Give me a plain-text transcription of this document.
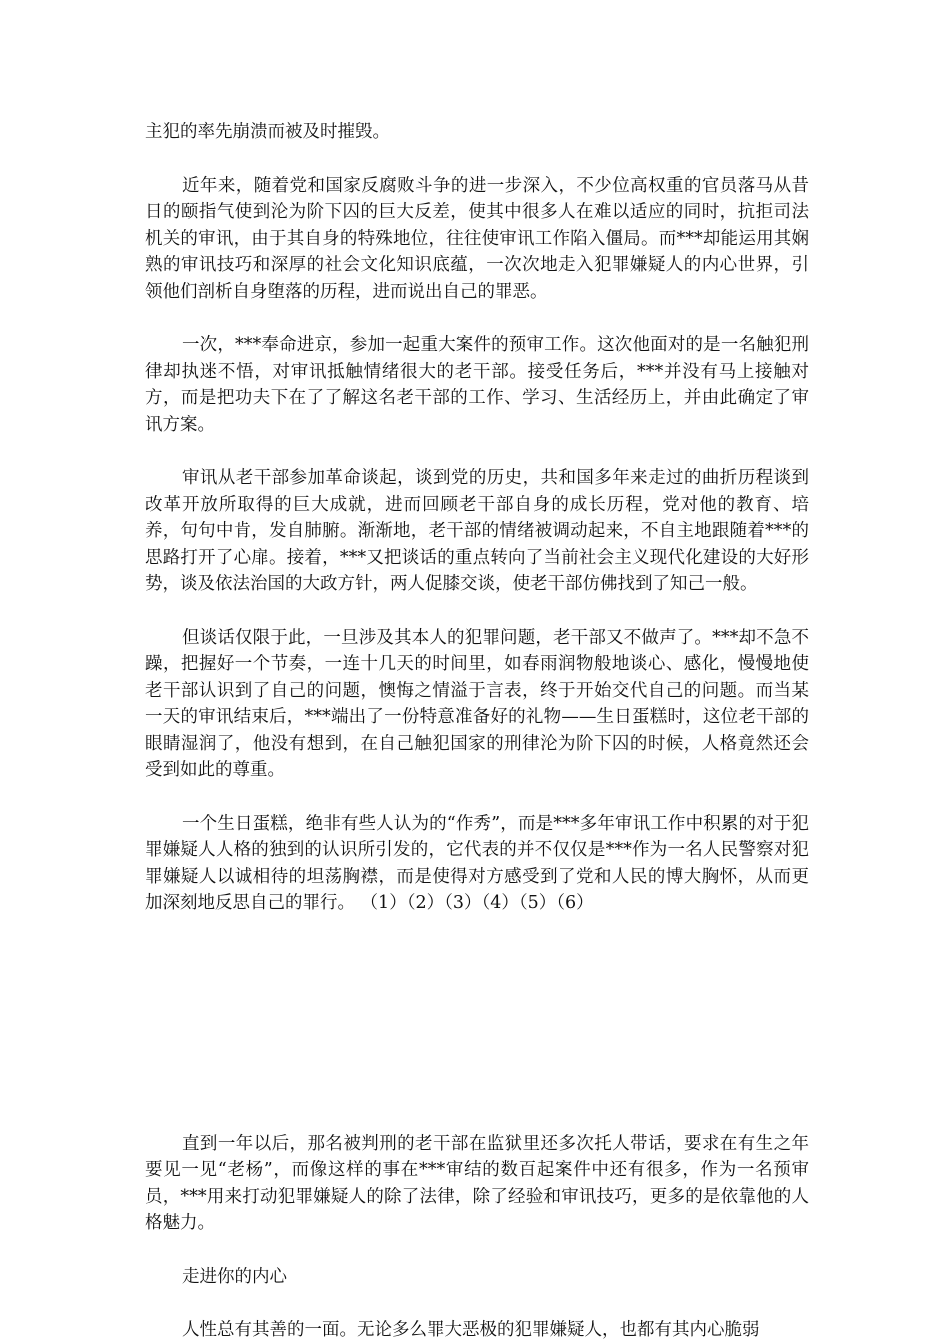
主犯的率先崩溃而被及时摧毁。

近年来，随着党和国家反腐败斗争的进一步深入，不少位高权重的官员落马从昔日的颐指气使到沦为阶下囚的巨大反差，使其中很多人在难以适应的同时，抗拒司法机关的审讯，由于其自身的特殊地位，往往使审讯工作陷入僵局。而***却能运用其娴熟的审讯技巧和深厚的社会文化知识底蕴，一次次地走入犯罪嫌疑人的内心世界，引领他们剖析自身堕落的历程，进而说出自己的罪恶。

一次，***奉命进京，参加一起重大案件的预审工作。这次他面对的是一名触犯刑律却执迷不悟，对审讯抵触情绪很大的老干部。接受任务后，***并没有马上接触对方，而是把功夫下在了了解这名老干部的工作、学习、生活经历上，并由此确定了审讯方案。

审讯从老干部参加革命谈起，谈到党的历史，共和国多年来走过的曲折历程谈到改革开放所取得的巨大成就，进而回顾老干部自身的成长历程，党对他的教育、培养，句句中肯，发自肺腑。渐渐地，老干部的情绪被调动起来，不自主地跟随着***的思路打开了心扉。接着，***又把谈话的重点转向了当前社会主义现代化建设的大好形势，谈及依法治国的大政方针，两人促膝交谈，使老干部仿佛找到了知己一般。

但谈话仅限于此，一旦涉及其本人的犯罪问题，老干部又不做声了。***却不急不躁，把握好一个节奏，一连十几天的时间里，如春雨润物般地谈心、感化，慢慢地使老干部认识到了自己的问题，懊悔之情溢于言表，终于开始交代自己的问题。而当某一天的审讯结束后，***端出了一份特意准备好的礼物——生日蛋糕时，这位老干部的眼睛湿润了，他没有想到，在自己触犯国家的刑律沦为阶下囚的时候，人格竟然还会受到如此的尊重。

一个生日蛋糕，绝非有些人认为的“作秀”，而是***多年审讯工作中积累的对于犯罪嫌疑人人格的独到的认识所引发的，它代表的并不仅仅是***作为一名人民警察对犯罪嫌疑人以诚相待的坦荡胸襟，而是使得对方感受到了党和人民的博大胸怀，从而更加深刻地反思自己的罪行。 （1）（2）（3）（4）（5）（6）

直到一年以后，那名被判刑的老干部在监狱里还多次托人带话，要求在有生之年要见一见“老杨”，而像这样的事在***审结的数百起案件中还有很多，作为一名预审员，***用来打动犯罪嫌疑人的除了法律，除了经验和审讯技巧，更多的是依靠他的人格魅力。

走进你的内心

人性总有其善的一面。无论多么罪大恶极的犯罪嫌疑人，也都有其内心脆弱
